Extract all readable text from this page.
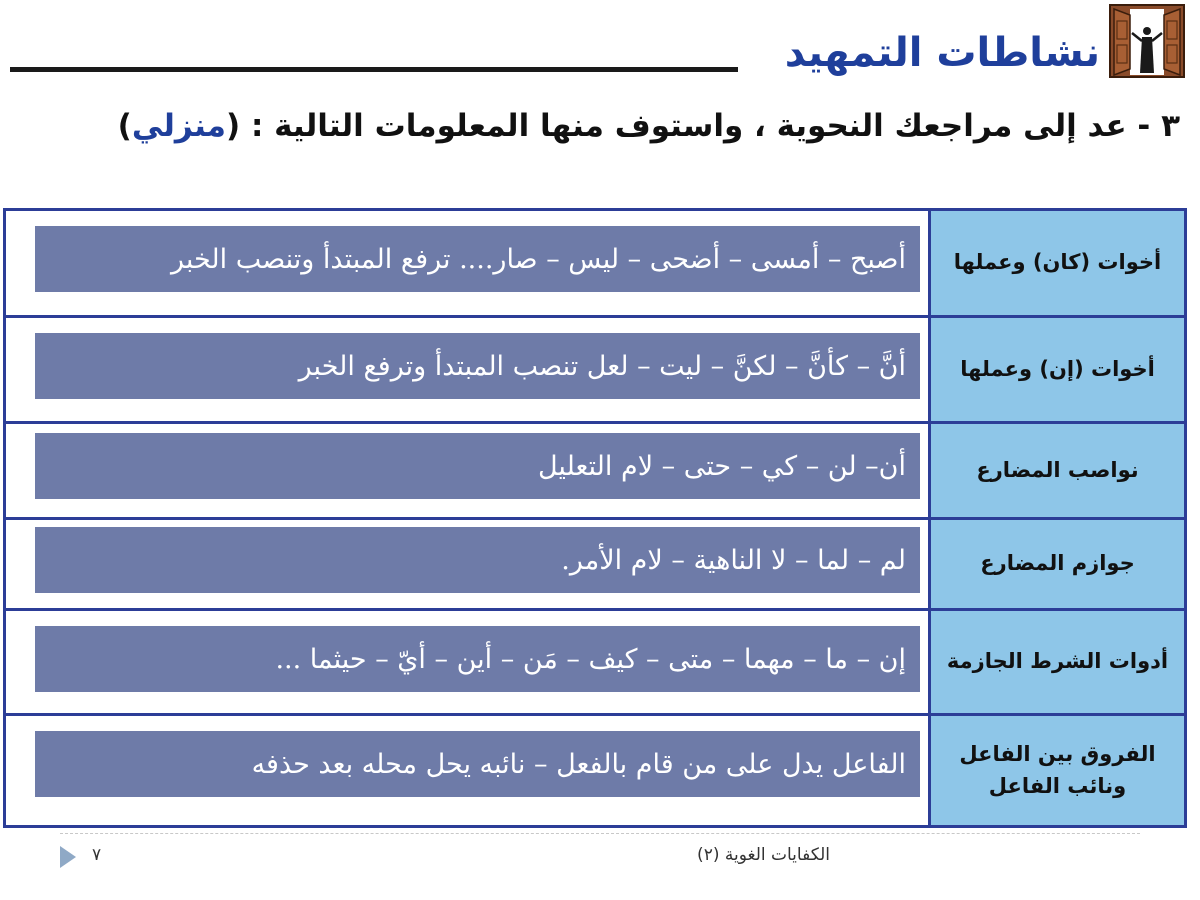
نشاطات التمهيد
٣ - عد إلى مراجعك النحوية ، واستوف منها المعلومات التالية : (منزلي)
أخوات (كان) وعملها
أصبح – أمسى – أضحى – ليس – صار.... ترفع المبتدأ وتنصب الخبر
أخوات (إن) وعملها
أنَّ – كأنَّ – لكنَّ – ليت – لعل تنصب المبتدأ وترفع الخبر
نواصب المضارع
أن– لن – كي – حتى – لام التعليل
جوازم المضارع
لم – لما – لا الناهية – لام الأمر.
أدوات الشرط الجازمة
إن – ما – مهما – متى – كيف – مَن – أين – أيّ – حيثما ...
الفروق بين الفاعل ونائب الفاعل
الفاعل يدل على من قام بالفعل – نائبه يحل محله بعد حذفه
٧	الكفايات الغوية (٢)
